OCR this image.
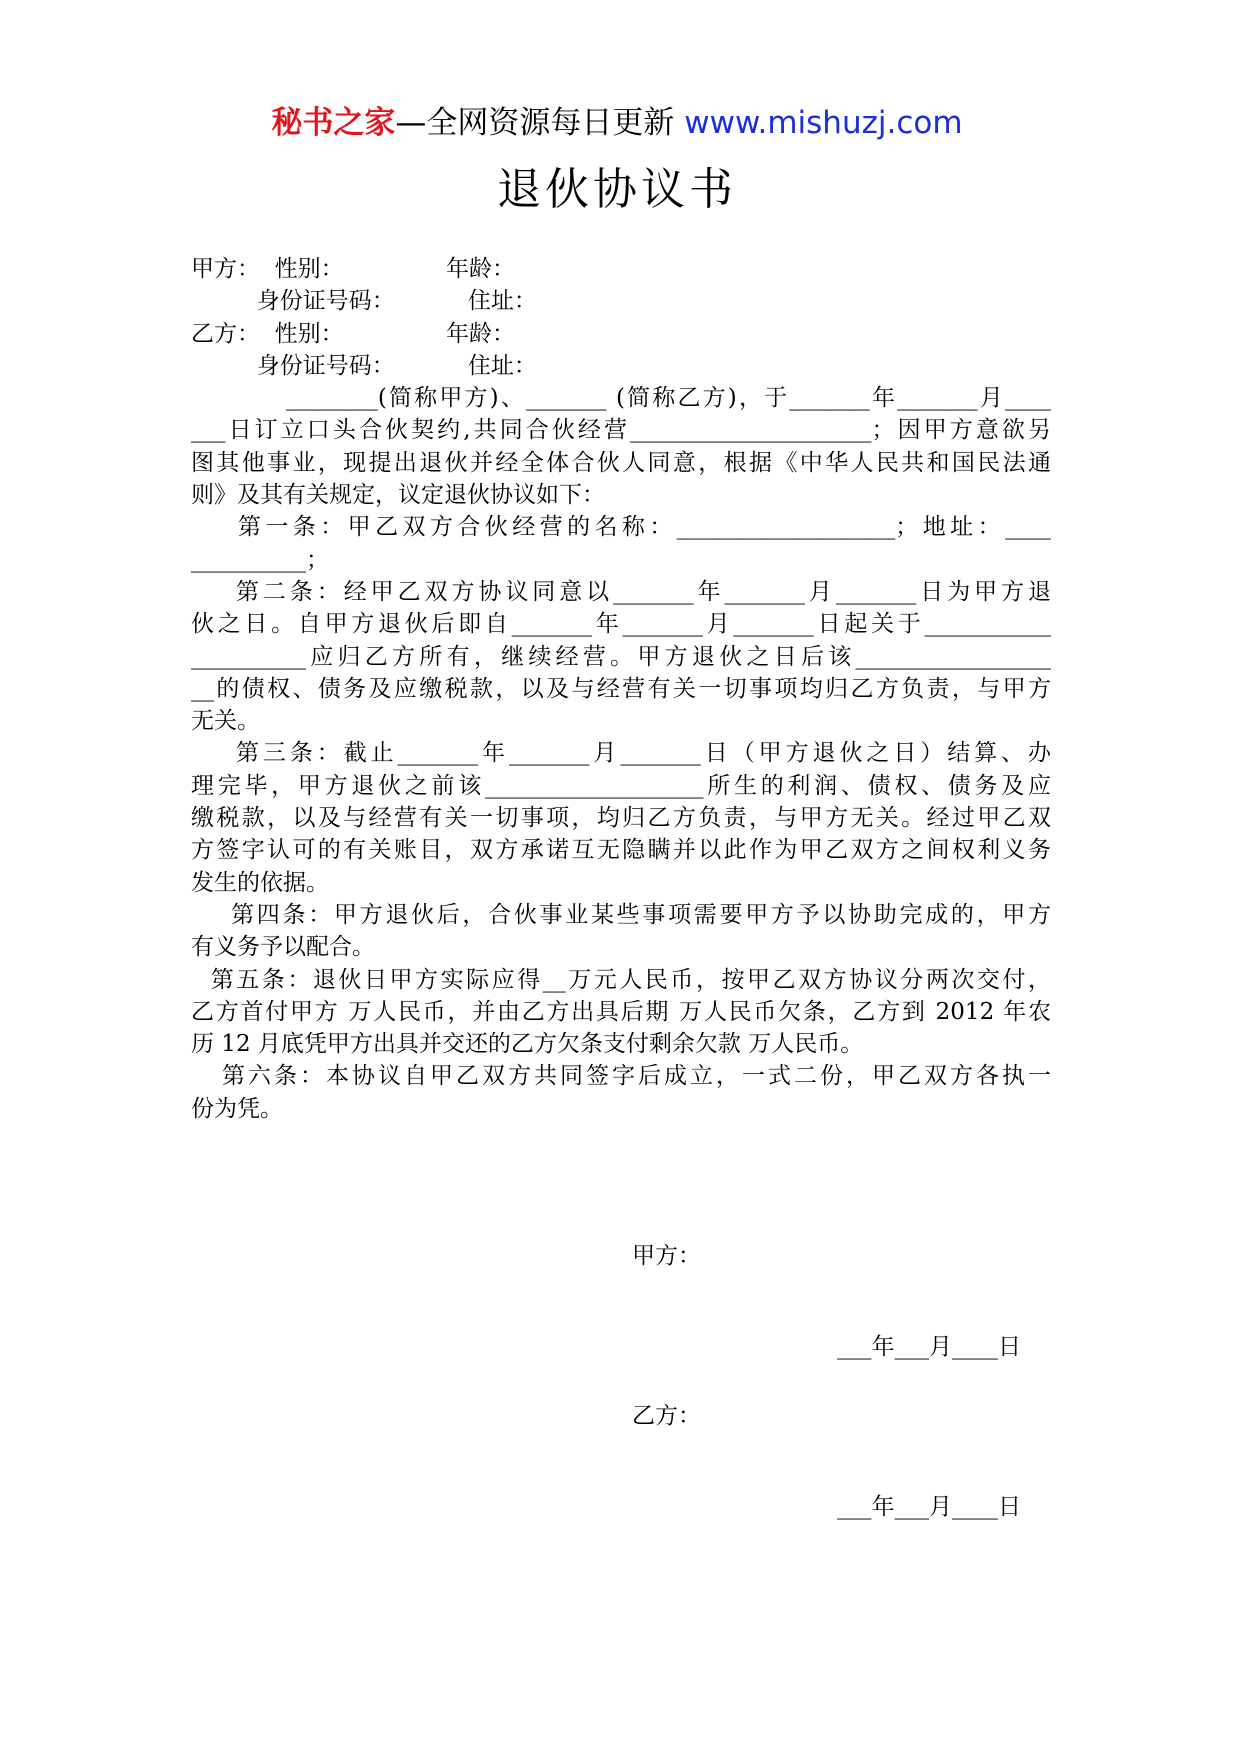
秘书之家—全网资源每日更新 www.mishuzj.com
退伙协议书
甲方：  性别：              年龄：
身份证号码：          住址：
乙方：  性别：              年龄：
身份证号码：          住址：
________(简称甲方)、_______ (简称乙方)，于_______年_______月____
___日订立口头合伙契约,共同合伙经营_____________________；因甲方意欲另
图其他事业，现提出退伙并经全体合伙人同意，根据《中华人民共和国民法通
则》及其有关规定，议定退伙协议如下：
第一条：甲乙双方合伙经营的名称：___________________；地址：____
__________；
第二条：经甲乙双方协议同意以_______年_______月_______日为甲方退
伙之日。自甲方退伙后即自_______年_______月_______日起关于___________
__________应归乙方所有，继续经营。甲方退伙之日后该_________________
__的债权、债务及应缴税款，以及与经营有关一切事项均归乙方负责，与甲方
无关。
第三条：截止_______年_______月_______日（甲方退伙之日）结算、办
理完毕，甲方退伙之前该___________________所生的利润、债权、债务及应
缴税款，以及与经营有关一切事项，均归乙方负责，与甲方无关。经过甲乙双
方签字认可的有关账目，双方承诺互无隐瞒并以此作为甲乙双方之间权利义务
发生的依据。
第四条：甲方退伙后，合伙事业某些事项需要甲方予以协助完成的，甲方
有义务予以配合。
第五条：退伙日甲方实际应得__万元人民币，按甲乙双方协议分两次交付，
乙方首付甲方 万人民币，并由乙方出具后期 万人民币欠条，乙方到 2012 年农
历 12 月底凭甲方出具并交还的乙方欠条支付剩余欠款 万人民币。
第六条：本协议自甲乙双方共同签字后成立，一式二份，甲乙双方各执一
份为凭。
甲方：
___年___月____日
乙方：
___年___月____日
